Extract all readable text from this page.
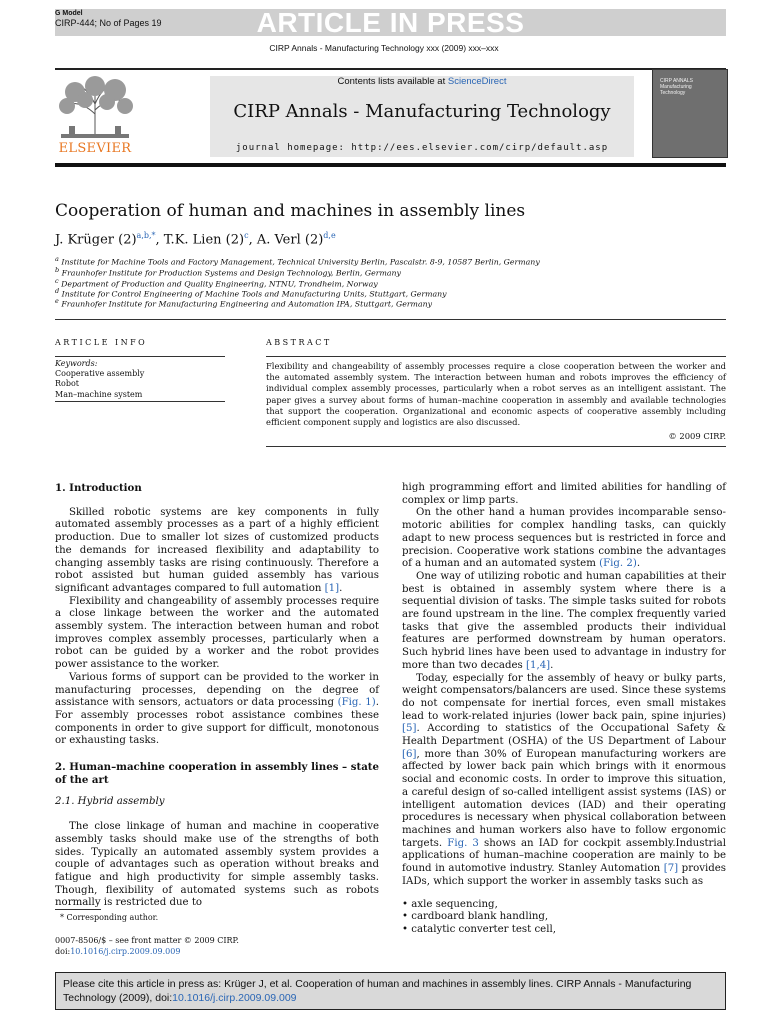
ARTICLE IN PRESS
G Model
CIRP-444; No of Pages 19
CIRP Annals - Manufacturing Technology xxx (2009) xxx–xxx
ELSEVIER
Contents lists available at ScienceDirect
CIRP Annals - Manufacturing Technology
journal homepage: http://ees.elsevier.com/cirp/default.asp
CIRP ANNALS
Manufacturing
Technology
Cooperation of human and machines in assembly lines
J. Krüger $(2)^{a,b,*}$, T.K. Lien $(2)^c$, A. Verl $(2)^{d,e}$
$^a$ Institute for Machine Tools and Factory Management, Technical University Berlin, Pascalstr. 8-9, 10587 Berlin, Germany
$^b$ Fraunhofer Institute for Production Systems and Design Technology, Berlin, Germany
$^c$ Department of Production and Quality Engineering, NTNU, Trondheim, Norway
$^d$ Institute for Control Engineering of Machine Tools and Manufacturing Units, Stuttgart, Germany
$^e$ Fraunhofer Institute for Manufacturing Engineering and Automation IPA, Stuttgart, Germany
ARTICLE INFO
Keywords:
Cooperative assembly
Robot
Man–machine system
ABSTRACT
Flexibility and changeability of assembly processes require a close cooperation between the worker and the automated assembly system. The interaction between human and robots improves the efficiency of individual complex assembly processes, particularly when a robot serves as an intelligent assistant. The paper gives a survey about forms of human–machine cooperation in assembly and available technologies that support the cooperation. Organizational and economic aspects of cooperative assembly including efficient component supply and logistics are also discussed.
© 2009 CIRP.

1. Introduction

Skilled robotic systems are key components in fully automated assembly processes as a part of a highly efficient production. Due to smaller lot sizes of customized products the demands for increased flexibility and adaptability to changing assembly tasks are rising continuously. Therefore a robot assisted but human guided assembly has various significant advantages compared to full automation [1].

Flexibility and changeability of assembly processes require a close linkage between the worker and the automated assembly system. The interaction between human and robot improves complex assembly processes, particularly when a robot can be guided by a worker and the robot provides power assistance to the worker.

Various forms of support can be provided to the worker in manufacturing processes, depending on the degree of assistance with sensors, actuators or data processing (Fig. 1). For assembly processes robot assistance combines these components in order to give support for difficult, monotonous or exhausting tasks.

2. Human–machine cooperation in assembly lines – state of the art

2.1. Hybrid assembly

The close linkage of human and machine in cooperative assembly tasks should make use of the strengths of both sides. Typically an automated assembly system provides a couple of advantages such as operation without breaks and fatigue and high productivity for simple assembly tasks. Though, flexibility of automated systems such as robots normally is restricted due to

high programming effort and limited abilities for handling of complex or limp parts.

On the other hand a human provides incomparable senso-motoric abilities for complex handling tasks, can quickly adapt to new process sequences but is restricted in force and precision. Cooperative work stations combine the advantages of a human and an automated system (Fig. 2).

One way of utilizing robotic and human capabilities at their best is obtained in assembly system where there is a sequential division of tasks. The simple tasks suited for robots are found upstream in the line. The complex frequently varied tasks that give the assembled products their individual features are performed downstream by human operators. Such hybrid lines have been used to advantage in industry for more than two decades [1,4].

Today, especially for the assembly of heavy or bulky parts, weight compensators/balancers are used. Since these systems do not compensate for inertial forces, even small mistakes lead to work-related injuries (lower back pain, spine injuries) [5]. According to statistics of the Occupational Safety & Health Department (OSHA) of the US Department of Labour [6], more than 30% of European manufacturing workers are affected by lower back pain which brings with it enormous social and economic costs. In order to improve this situation, a careful design of so-called intelligent assist systems (IAS) or intelligent automation devices (IAD) and their operating procedures is necessary when physical collaboration between machines and human workers also have to follow ergonomic targets. Fig. 3 shows an IAD for cockpit assembly.Industrial applications of human–machine cooperation are mainly to be found in automotive industry. Stanley Automation [7] provides IADs, which support the worker in assembly tasks such as

• axle sequencing,
• cardboard blank handling,
• catalytic converter test cell,
* Corresponding author.
0007-8506/$ – see front matter © 2009 CIRP.
doi:10.1016/j.cirp.2009.09.009
Please cite this article in press as: Krüger J, et al. Cooperation of human and machines in assembly lines. CIRP Annals - Manufacturing Technology (2009), doi:10.1016/j.cirp.2009.09.009
